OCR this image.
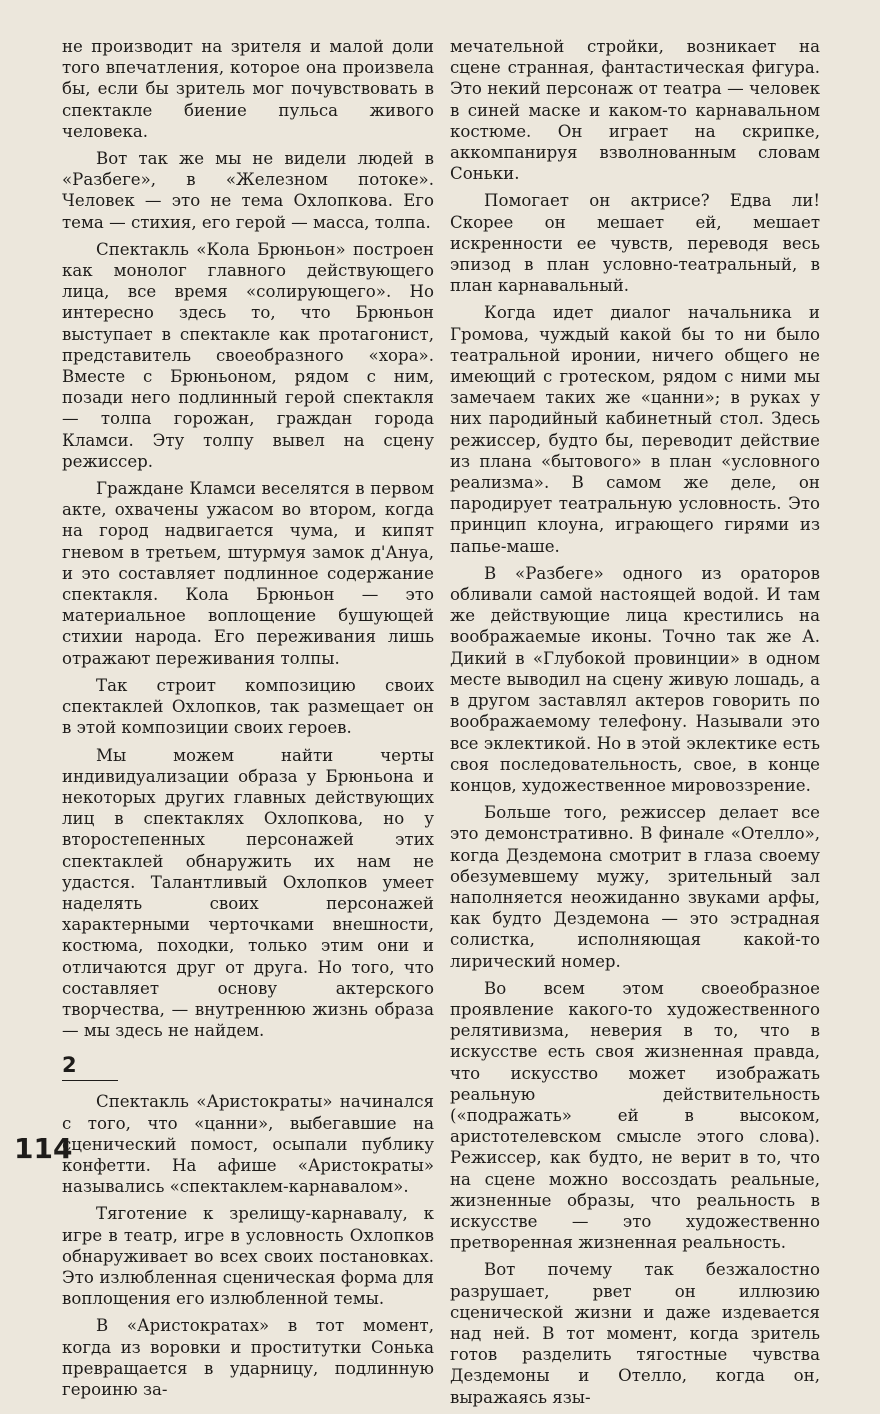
не производит на зрителя и малой доли того впечатления, которое она произвела бы, если бы зритель мог почувствовать в спектакле биение пульса живого человека.

Вот так же мы не видели людей в «Разбеге», в «Железном потоке». Человек — это не тема Охлопкова. Его тема — стихия, его герой — масса, толпа.

Спектакль «Кола Брюньон» построен как монолог главного действующего лица, все время «солирующего». Но интересно здесь то, что Брюньон выступает в спектакле как протагонист, представитель своеобразного «хора». Вместе с Брюньоном, рядом с ним, позади него подлинный герой спектакля — толпа горожан, граждан города Кламси. Эту толпу вывел на сцену режиссер.

Граждане Кламси веселятся в первом акте, охвачены ужасом во втором, когда на город надвигается чума, и кипят гневом в третьем, штурмуя замок д'Ануа, и это составляет подлинное содержание спектакля. Кола Брюньон — это материальное воплощение бушующей стихии народа. Его переживания лишь отражают переживания толпы.

Так строит композицию своих спектаклей Охлопков, так размещает он в этой композиции своих героев.

Мы можем найти черты индивидуализации образа у Брюньона и некоторых других главных действующих лиц в спектаклях Охлопкова, но у второстепенных персонажей этих спектаклей обнаружить их нам не удастся. Талантливый Охлопков умеет наделять своих персонажей характерными черточками внешности, костюма, походки, только этим они и отличаются друг от друга. Но того, что составляет основу актерского творчества, — внутреннюю жизнь образа — мы здесь не найдем.

2

Спектакль «Аристократы» начинался с того, что «цанни», выбегавшие на сценический помост, осыпали публику конфетти. На афише «Аристократы» назывались «спектаклем-карнавалом».

Тяготение к зрелищу-карнавалу, к игре в театр, игре в условность Охлопков обнаруживает во всех своих постановках. Это излюбленная сценическая форма для воплощения его излюбленной темы.

В «Аристократах» в тот момент, когда из воровки и проститутки Сонька превращается в ударницу, подлинную героиню за-

мечательной стройки, возникает на сцене странная, фантастическая фигура. Это некий персонаж от театра — человек в синей маске и каком-то карнавальном костюме. Он играет на скрипке, аккомпанируя взволнованным словам Соньки.

Помогает он актрисе? Едва ли! Скорее он мешает ей, мешает искренности ее чувств, переводя весь эпизод в план условно-театральный, в план карнавальный.

Когда идет диалог начальника и Громова, чуждый какой бы то ни было театральной иронии, ничего общего не имеющий с гротеском, рядом с ними мы замечаем таких же «цанни»; в руках у них пародийный кабинетный стол. Здесь режиссер, будто бы, переводит действие из плана «бытового» в план «условного реализма». В самом же деле, он пародирует театральную условность. Это принцип клоуна, играющего гирями из папье-маше.

В «Разбеге» одного из ораторов обливали самой настоящей водой. И там же действующие лица крестились на воображаемые иконы. Точно так же А. Дикий в «Глубокой провинции» в одном месте выводил на сцену живую лошадь, а в другом заставлял актеров говорить по воображаемому телефону. Называли это все эклектикой. Но в этой эклектике есть своя последовательность, свое, в конце концов, художественное мировоззрение.

Больше того, режиссер делает все это демонстративно. В финале «Отелло», когда Дездемона смотрит в глаза своему обезумевшему мужу, зрительный зал наполняется неожиданно звуками арфы, как будто Дездемона — это эстрадная солистка, исполняющая какой-то лирический номер.

Во всем этом своеобразное проявление какого-то художественного релятивизма, неверия в то, что в искусстве есть своя жизненная правда, что искусство может изображать реальную действительность («подражать» ей в высоком, аристотелевском смысле этого слова). Режиссер, как будто, не верит в то, что на сцене можно воссоздать реальные, жизненные образы, что реальность в искусстве — это художественно претворенная жизненная реальность.

Вот почему так безжалостно разрушает, рвет он иллюзию сценической жизни и даже издевается над ней. В тот момент, когда зритель готов разделить тягостные чувства Дездемоны и Отелло, когда он, выражаясь язы-

114
